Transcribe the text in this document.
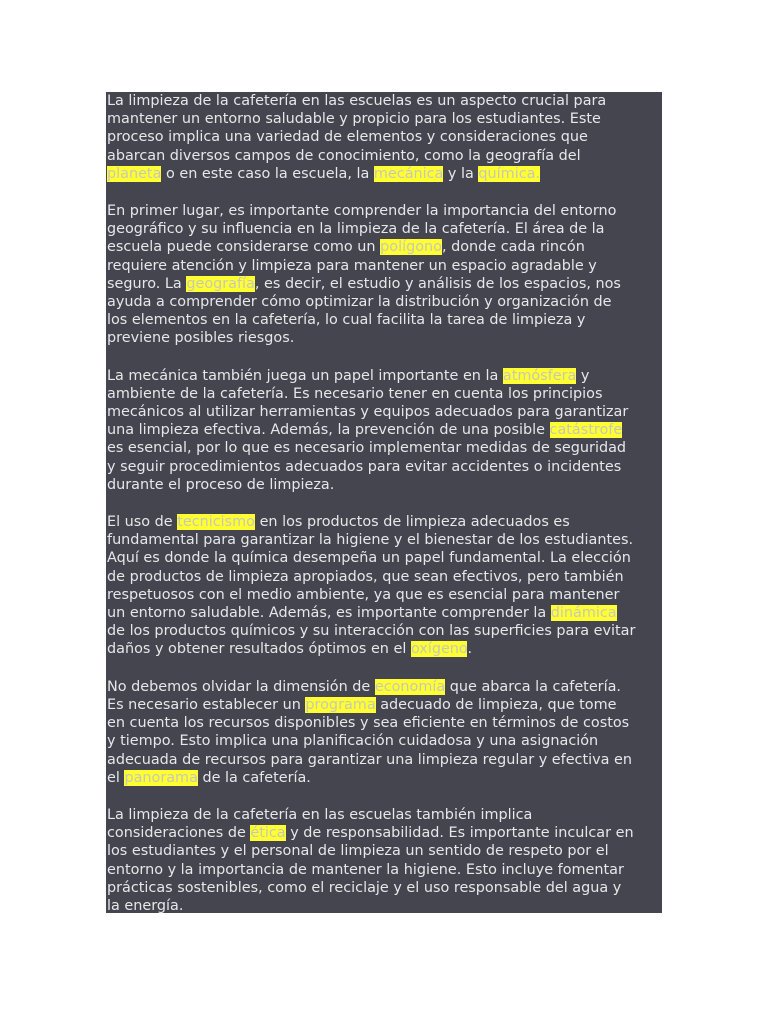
La limpieza de la cafetería en las escuelas es un aspecto crucial para
mantener un entorno saludable y propicio para los estudiantes. Este
proceso implica una variedad de elementos y consideraciones que
abarcan diversos campos de conocimiento, como la geografía del
planeta o en este caso la escuela, la mecánica y la química.

En primer lugar, es importante comprender la importancia del entorno
geográfico y su influencia en la limpieza de la cafetería. El área de la
escuela puede considerarse como un polígono, donde cada rincón
requiere atención y limpieza para mantener un espacio agradable y
seguro. La geografía, es decir, el estudio y análisis de los espacios, nos
ayuda a comprender cómo optimizar la distribución y organización de
los elementos en la cafetería, lo cual facilita la tarea de limpieza y
previene posibles riesgos.

La mecánica también juega un papel importante en la atmósfera y
ambiente de la cafetería. Es necesario tener en cuenta los principios
mecánicos al utilizar herramientas y equipos adecuados para garantizar
una limpieza efectiva. Además, la prevención de una posible catástrofe
es esencial, por lo que es necesario implementar medidas de seguridad
y seguir procedimientos adecuados para evitar accidentes o incidentes
durante el proceso de limpieza.

El uso de tecnicismo en los productos de limpieza adecuados es
fundamental para garantizar la higiene y el bienestar de los estudiantes.
Aquí es donde la química desempeña un papel fundamental. La elección
de productos de limpieza apropiados, que sean efectivos, pero también
respetuosos con el medio ambiente, ya que es esencial para mantener
un entorno saludable. Además, es importante comprender la dinámica
de los productos químicos y su interacción con las superficies para evitar
daños y obtener resultados óptimos en el oxígeno.

No debemos olvidar la dimensión de economía que abarca la cafetería.
Es necesario establecer un programa adecuado de limpieza, que tome
en cuenta los recursos disponibles y sea eficiente en términos de costos
y tiempo. Esto implica una planificación cuidadosa y una asignación
adecuada de recursos para garantizar una limpieza regular y efectiva en
el panorama de la cafetería.

La limpieza de la cafetería en las escuelas también implica
consideraciones de ética y de responsabilidad. Es importante inculcar en
los estudiantes y el personal de limpieza un sentido de respeto por el
entorno y la importancia de mantener la higiene. Esto incluye fomentar
prácticas sostenibles, como el reciclaje y el uso responsable del agua y
la energía.
